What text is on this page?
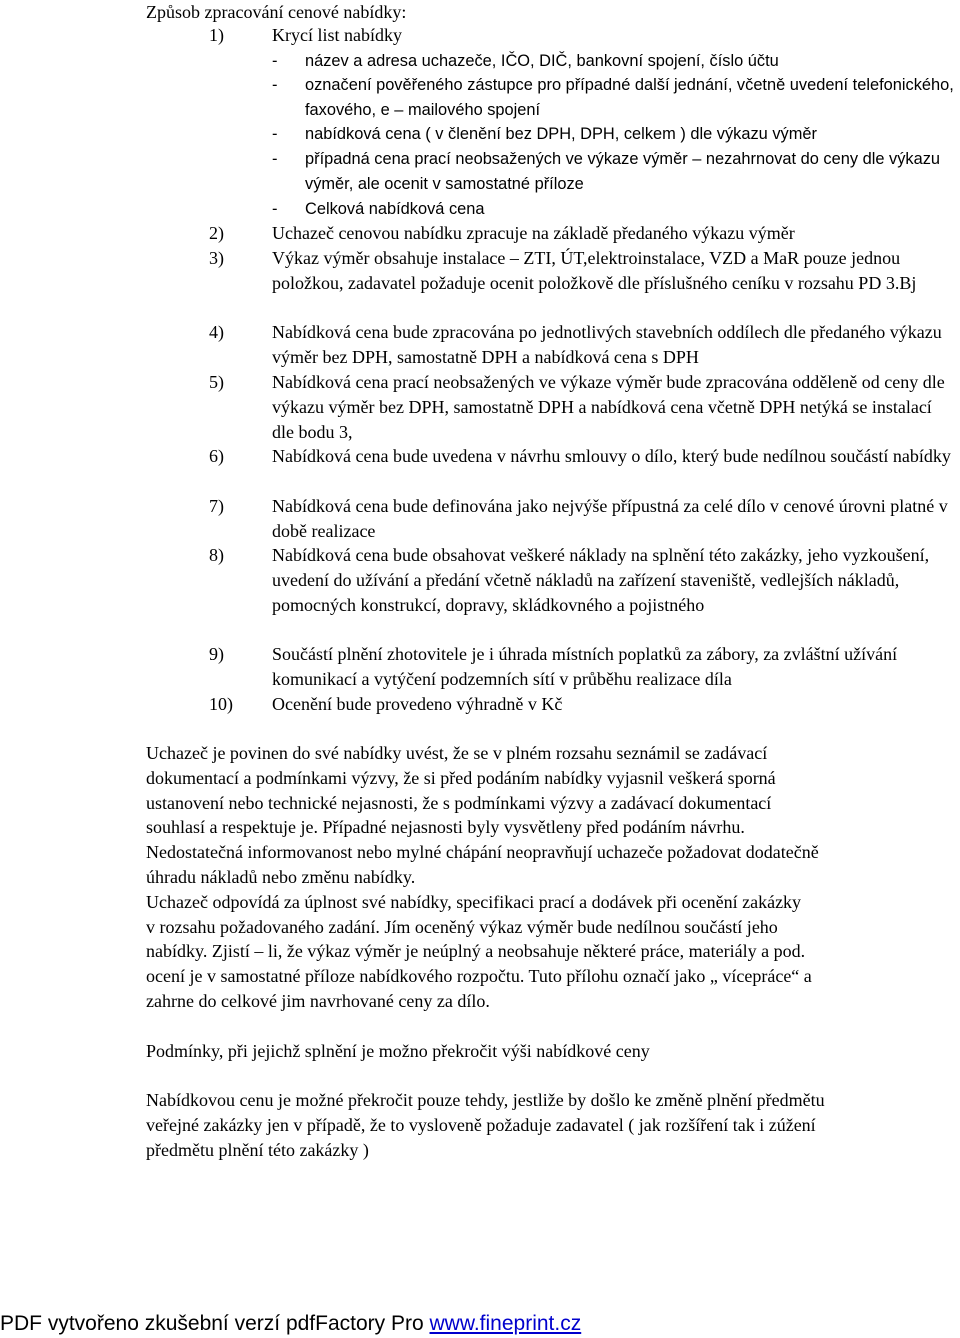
Způsob zpracování cenové nabídky:
1)	Krycí list nabídky
- název a adresa uchazeče, IČO, DIČ, bankovní spojení, číslo účtu
- označení pověřeného zástupce pro případné další jednání, včetně uvedení telefonického, faxového, e – mailového spojení
- nabídková cena ( v členění bez DPH, DPH, celkem ) dle výkazu výměr
- případná cena prací neobsažených ve výkaze výměr – nezahrnovat do ceny dle výkazu výměr, ale ocenit v samostatné příloze
- Celková nabídková cena
2)	Uchazeč cenovou nabídku zpracuje na základě předaného výkazu výměr
3)	Výkaz výměr obsahuje instalace – ZTI, ÚT,elektroinstalace, VZD a MaR pouze jednou položkou, zadavatel požaduje ocenit položkově dle příslušného ceníku v rozsahu PD 3.Bj
4)	Nabídková cena bude zpracována po jednotlivých stavebních oddílech dle předaného výkazu výměr bez DPH, samostatně DPH a nabídková cena s DPH
5)	Nabídková cena prací neobsažených ve výkaze výměr bude zpracována odděleně od ceny dle výkazu výměr bez DPH, samostatně DPH a nabídková cena včetně DPH netýká se instalací dle bodu 3,
6)	Nabídková cena bude uvedena v návrhu smlouvy o dílo, který bude nedílnou součástí nabídky
7)	Nabídková cena bude definována jako nejvýše přípustná za celé dílo v cenové úrovni platné v době realizace
8)	Nabídková cena bude obsahovat veškeré náklady na splnění této zakázky, jeho vyzkoušení, uvedení do užívání a předání včetně nákladů na zařízení staveniště, vedlejších nákladů, pomocných konstrukcí, dopravy, skládkovného a pojistného
9)	Součástí plnění zhotovitele je i úhrada místních poplatků za zábory, za zvláštní užívání komunikací a vytýčení podzemních sítí v průběhu realizace díla
10)	Ocenění bude provedeno výhradně v Kč
Uchazeč je povinen do své nabídky uvést, že se v plném rozsahu seznámil se zadávací
dokumentací a podmínkami výzvy, že si před podáním nabídky vyjasnil veškerá sporná
ustanovení nebo technické nejasnosti, že s podmínkami výzvy a zadávací dokumentací
souhlasí a respektuje je. Případné nejasnosti byly vysvětleny před podáním návrhu.
Nedostatečná informovanost nebo mylné chápání neopravňují uchazeče požadovat dodatečně
úhradu nákladů nebo změnu nabídky.
Uchazeč odpovídá za úplnost své nabídky, specifikaci prací a dodávek při ocenění zakázky
v rozsahu požadovaného zadání. Jím oceněný výkaz výměr bude nedílnou součástí jeho
nabídky. Zjistí – li, že výkaz výměr je neúplný a neobsahuje některé práce, materiály a pod.
ocení je v samostatné příloze nabídkového rozpočtu. Tuto přílohu označí jako „ vícepráce“ a
zahrne do celkové jim navrhované ceny za dílo.
Podmínky, při jejichž splnění je možno překročit výši nabídkové ceny
Nabídkovou cenu je možné překročit pouze tehdy, jestliže by došlo ke změně plnění předmětu
veřejné zakázky jen v případě, že to vysloveně požaduje zadavatel ( jak rozšíření tak i zúžení
předmětu plnění této zakázky )
PDF vytvořeno zkušební verzí pdfFactory Pro www.fineprint.cz
